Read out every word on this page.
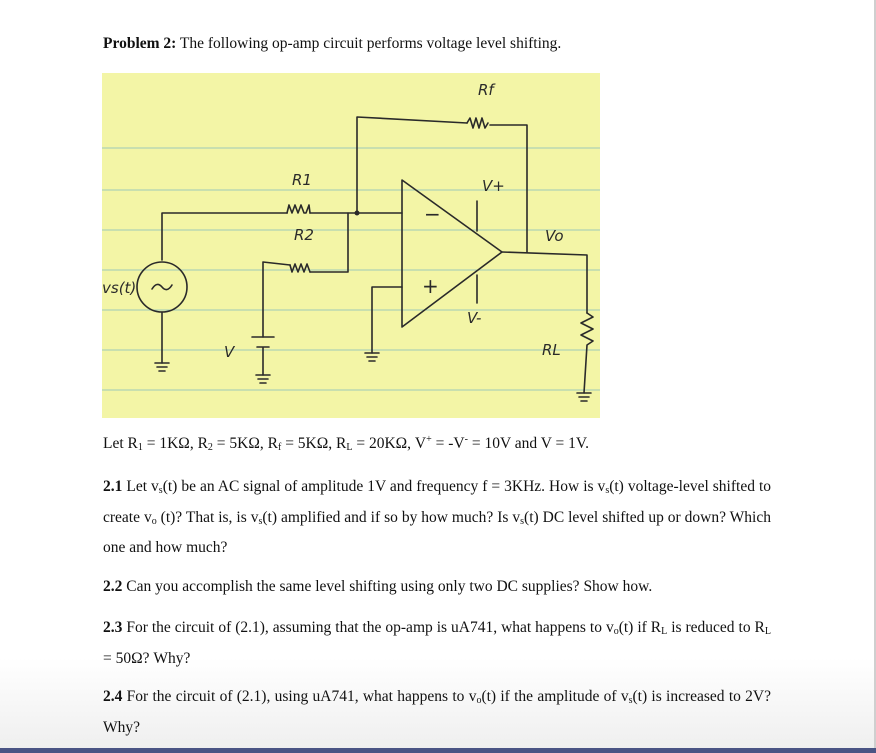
Problem 2: The following op-amp circuit performs voltage level shifting.
Rf
R1
R2	Vo
RL
vs(t)
V
V+
V-
−
+
Let $R_1 = 1K\Omega$, $R_2 = 5K\Omega$, $R_f = 5K\Omega$, $R_L = 20K\Omega$, V+ = -V- = 10V and V = 1V.
2.1 Let $v_s(t)$ be an AC signal of amplitude 1V and frequency f = 3KHz. How is $v_s(t)$ voltage-level shifted to create $v_o$ (t)? That is, is $v_s(t)$ amplified and if so by how much? Is $v_s(t)$ DC level shifted up or down? Which one and how much?
2.2 Can you accomplish the same level shifting using only two DC supplies? Show how.
2.3 For the circuit of (2.1), assuming that the op-amp is uA741, what happens to $v_o(t)$ if $R_L$ is reduced to $R_L = 50\Omega$? Why?
2.4 For the circuit of (2.1), using uA741, what happens to $v_o(t)$ if the amplitude of $v_s(t)$ is increased to 2V? Why?
